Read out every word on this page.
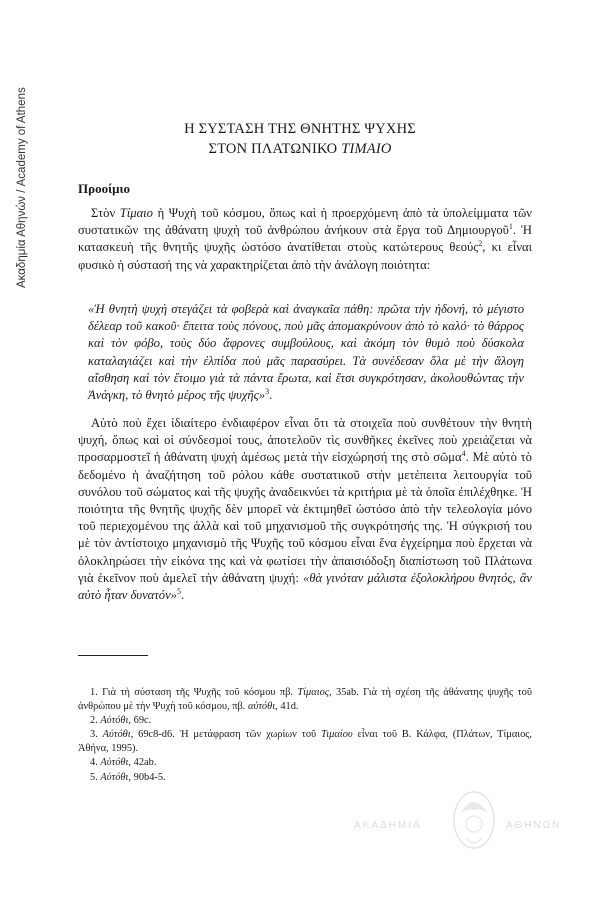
Ακαδημία Αθηνών / Academy of Athens	Η ΣΥΣΤΑΣΗ ΤΗΣ ΘΝΗΤΗΣ ΨΥΧΗΣ
ΣΤΟΝ ΠΛΑΤΩΝΙΚΟ ΤΙΜΑΙΟ
Προοίμιο
Στὸν Τίμαιο ἡ Ψυχὴ τοῦ κόσμου, ὅπως καὶ ἡ προερχόμενη ἀπὸ τὰ ὑπολείμματα τῶν συστατικῶν της ἀθάνατη ψυχὴ τοῦ ἀνθρώπου ἀνήκουν στὰ ἔργα τοῦ Δημιουργοῦ$^1$. Ἡ κατασκευὴ τῆς θνητῆς ψυχῆς ὡστόσο ἀνατίθεται στοὺς κατώτερους θεούς$^2$, κι εἶναι φυσικὸ ἡ σύστασή της νὰ χαρακτηρίζεται ἀπὸ τὴν ἀνάλογη ποιότητα:
«Ἡ θνητὴ ψυχὴ στεγάζει τὰ φοβερὰ καὶ ἀναγκαῖα πάθη: πρῶτα τὴν ἡδονή, τὸ μέγιστο δέλεαρ τοῦ κακοῦ· ἔπειτα τοὺς πόνους, ποὺ μᾶς ἀπομακρύνουν ἀπὸ τὸ καλό· τὸ θάρρος καὶ τὸν φόβο, τοὺς δύο ἄφρονες συμβούλους, καὶ ἀκόμη τὸν θυμὸ ποὺ δύσκολα καταλαγιάζει καὶ τὴν ἐλπίδα ποὺ μᾶς παρασύρει. Τὰ συνέδεσαν ὅλα μὲ τὴν ἄλογη αἴσθηση καὶ τὸν ἕτοιμο γιὰ τὰ πάντα ἔρωτα, καὶ ἔτσι συγκρότησαν, ἀκολουθώντας τὴν Ἀνάγκη, τὸ θνητὸ μέρος τῆς ψυχῆς»$^3$.
Αὐτὸ ποὺ ἔχει ἰδιαίτερο ἐνδιαφέρον εἶναι ὅτι τὰ στοιχεῖα ποὺ συνθέτουν τὴν θνητὴ ψυχή, ὅπως καὶ οἱ σύνδεσμοί τους, ἀποτελοῦν τὶς συνθῆκες ἐκεῖνες ποὺ χρειάζεται νὰ προσαρμοστεῖ ἡ ἀθάνατη ψυχὴ ἀμέσως μετὰ τὴν εἰσχώρησή της στὸ σῶμα$^4$. Μὲ αὐτὸ τὸ δεδομένο ἡ ἀναζήτηση τοῦ ρόλου κάθε συστατικοῦ στὴν μετέπειτα λειτουργία τοῦ συνόλου τοῦ σώματος καὶ τῆς ψυχῆς ἀναδεικνύει τὰ κριτήρια μὲ τὰ ὁποῖα ἐπιλέχθηκε. Ἡ ποιότητα τῆς θνητῆς ψυχῆς δὲν μπορεῖ νὰ ἐκτιμηθεῖ ὡστόσο ἀπὸ τὴν τελεολογία μόνο τοῦ περιεχομένου της ἀλλὰ καὶ τοῦ μηχανισμοῦ τῆς συγκρότησής της. Ἡ σύγκρισή του μὲ τὸν ἀντίστοιχο μηχανισμὸ τῆς Ψυχῆς τοῦ κόσμου εἶναι ἕνα ἐγχείρημα ποὺ ἔρχεται νὰ ὁλοκληρώσει τὴν εἰκόνα της καὶ νὰ φωτίσει τὴν ἀπαισιόδοξη διαπίστωση τοῦ Πλάτωνα γιὰ ἐκεῖνον ποὺ ἀμελεῖ τὴν ἀθάνατη ψυχή: «θὰ γινόταν μάλιστα ἐξολοκλήρου θνητός, ἂν αὐτὸ ἦταν δυνατόν»$^5$.

1. Γιὰ τὴ σύσταση τῆς Ψυχῆς τοῦ κόσμου πβ. Τίμαιος, 35ab. Γιὰ τὴ σχέση τῆς ἀθάνατης ψυχῆς τοῦ ἀνθρώπου μὲ τὴν Ψυχὴ τοῦ κόσμου, πβ. αὐτόθι, 41d.

2. Αὐτόθι, 69c.

3. Αὐτόθι, 69c8-d6. Ἡ μετάφραση τῶν χωρίων τοῦ Τιμαίου εἶναι τοῦ Β. Κάλφα, (Πλάτων, Τίμαιος, Ἀθήνα, 1995).

4. Αὐτόθι, 42ab.

5. Αὐτόθι, 90b4-5.

ΑΚΑΔΗΜΙΑ	ΑΘΗΝΩΝ
